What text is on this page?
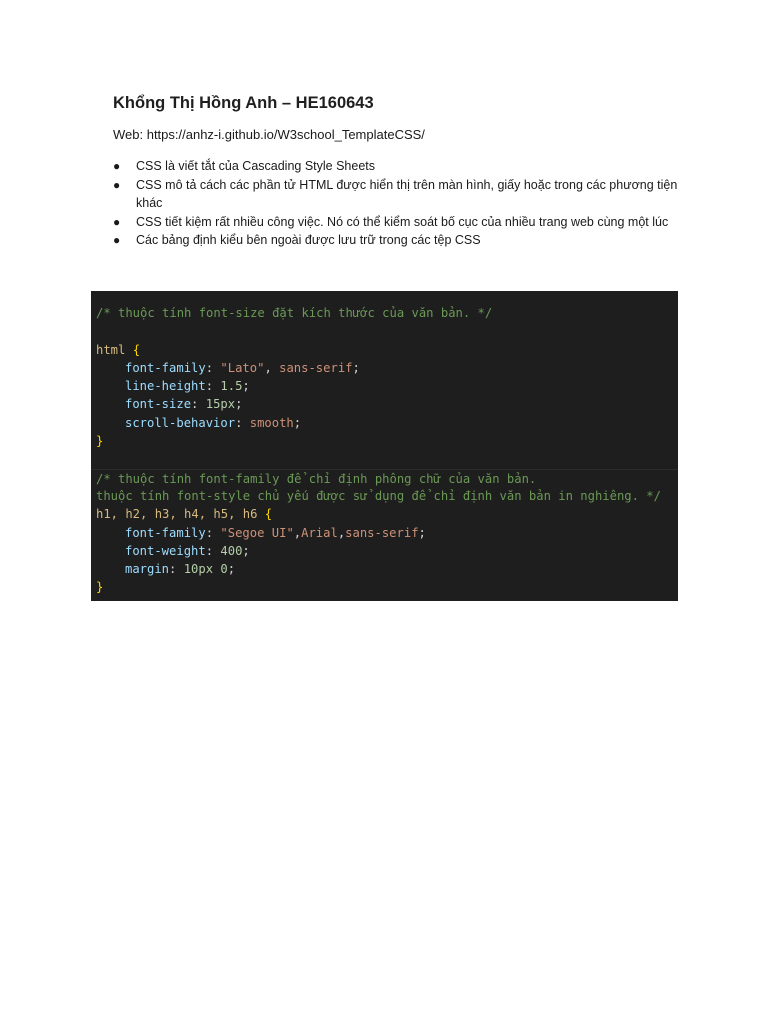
Khổng Thị Hồng Anh – HE160643
Web: https://anhz-i.github.io/W3school_TemplateCSS/
● CSS là viết tắt của Cascading Style Sheets
● CSS mô tả cách các phần tử HTML được hiển thị trên màn hình, giấy hoặc trong các phương tiện khác
● CSS tiết kiệm rất nhiều công việc. Nó có thể kiểm soát bố cục của nhiều trang web cùng một lúc
● Các bảng định kiểu bên ngoài được lưu trữ trong các tệp CSS
/* thuộc tính font-size đặt kích thước của văn bản. */
html {
font-family: "Lato", sans-serif;
line-height: 1.5;
font-size: 15px;
scroll-behavior: smooth;
}
/* thuộc tính font-family để chỉ định phông chữ của văn bản.
thuộc tính font-style chủ yếu được sử dụng để chỉ định văn bản in nghiêng. */
h1, h2, h3, h4, h5, h6 {
font-family: "Segoe UI",Arial,sans-serif;
font-weight: 400;
margin: 10px 0;
}
